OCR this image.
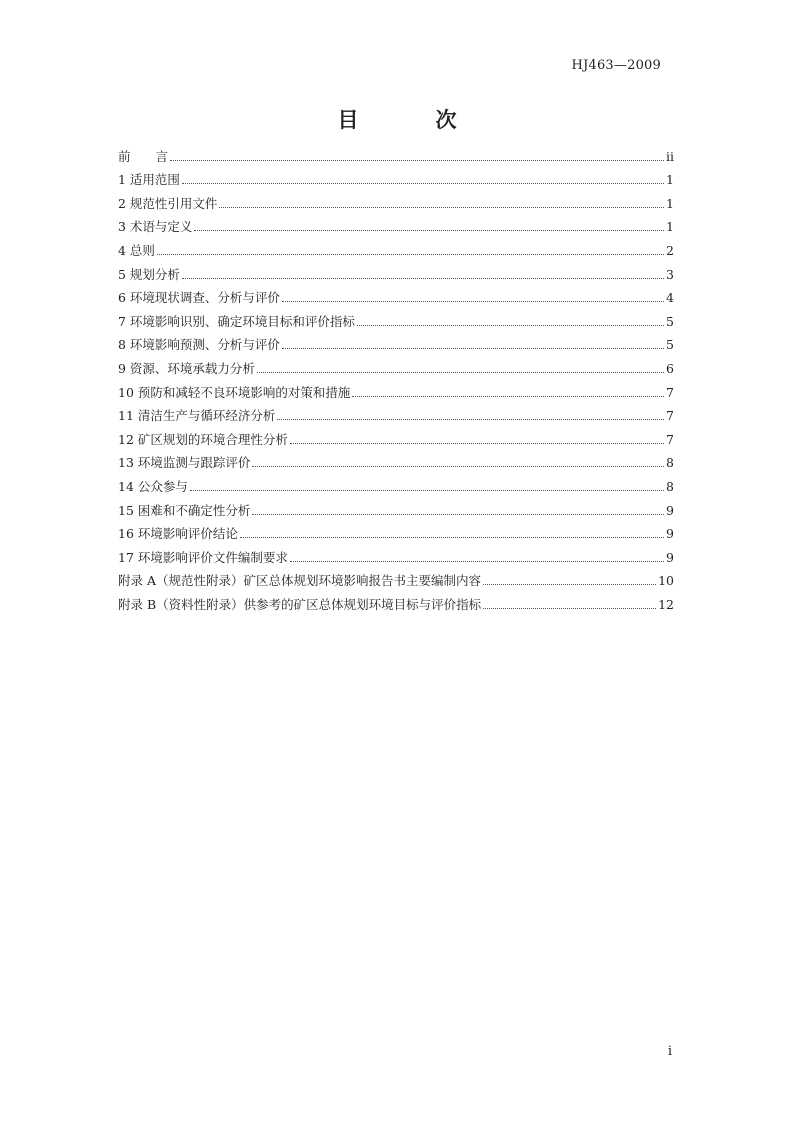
HJ463—2009
目　次
前　　言	ii
1 适用范围	1
2 规范性引用文件	1
3 术语与定义	1
4 总则	2
5 规划分析	3
6 环境现状调查、分析与评价	4
7 环境影响识别、确定环境目标和评价指标	5
8 环境影响预测、分析与评价	5
9 资源、环境承载力分析	6
10 预防和减轻不良环境影响的对策和措施	7
11 清洁生产与循环经济分析	7
12 矿区规划的环境合理性分析	7
13 环境监测与跟踪评价	8
14 公众参与	8
15 困难和不确定性分析	9
16 环境影响评价结论	9
17 环境影响评价文件编制要求	9
附录 A（规范性附录）矿区总体规划环境影响报告书主要编制内容	10
附录 B（资料性附录）供参考的矿区总体规划环境目标与评价指标	12
i
